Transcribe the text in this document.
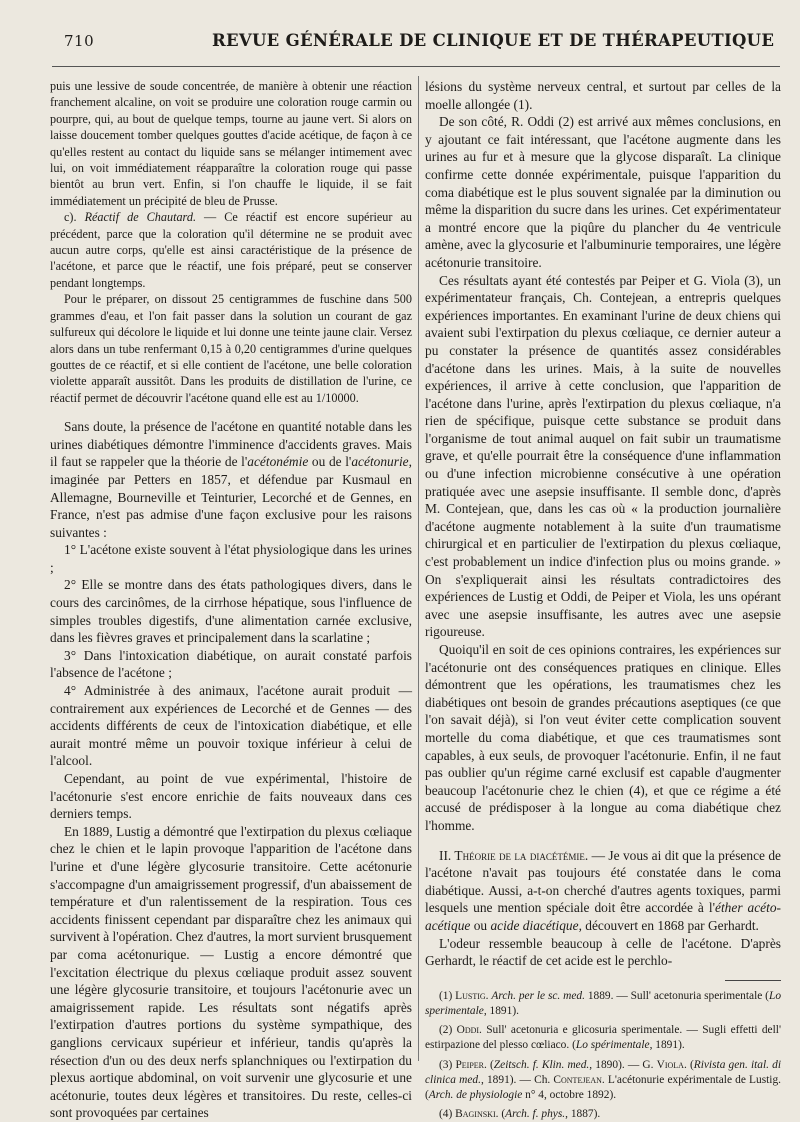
710	REVUE GÉNÉRALE DE CLINIQUE ET DE THÉRAPEUTIQUE

puis une lessive de soude concentrée, de manière à obtenir une réaction franchement alcaline, on voit se produire une coloration rouge carmin ou pourpre, qui, au bout de quelque temps, tourne au jaune vert. Si alors on laisse doucement tomber quelques gouttes d'acide acétique, de façon à ce qu'elles restent au contact du liquide sans se mélanger intimement avec lui, on voit immédiatement réapparaître la coloration rouge qui passe bientôt au brun vert. Enfin, si l'on chauffe le liquide, il se fait immédiatement un précipité de bleu de Prusse.

c). Réactif de Chautard. — Ce réactif est encore supérieur au précédent, parce que la coloration qu'il détermine ne se produit avec aucun autre corps, qu'elle est ainsi caractéristique de la présence de l'acétone, et parce que le réactif, une fois préparé, peut se conserver pendant longtemps.

Pour le préparer, on dissout 25 centigrammes de fuschine dans 500 grammes d'eau, et l'on fait passer dans la solution un courant de gaz sulfureux qui décolore le liquide et lui donne une teinte jaune clair. Versez alors dans un tube renfermant 0,15 à 0,20 centigrammes d'urine quelques gouttes de ce réactif, et si elle contient de l'acétone, une belle coloration violette apparaît aussitôt. Dans les produits de distillation de l'urine, ce réactif permet de découvrir l'acétone quand elle est au 1/10000.

Sans doute, la présence de l'acétone en quantité notable dans les urines diabétiques démontre l'imminence d'accidents graves. Mais il faut se rappeler que la théorie de l'acétonémie ou de l'acétonurie, imaginée par Petters en 1857, et défendue par Kusmaul en Allemagne, Bourneville et Teinturier, Lecorché et de Gennes, en France, n'est pas admise d'une façon exclusive pour les raisons suivantes :

1° L'acétone existe souvent à l'état physiologique dans les urines ;

2° Elle se montre dans des états pathologiques divers, dans le cours des carcinômes, de la cirrhose hépatique, sous l'influence de simples troubles digestifs, d'une alimentation carnée exclusive, dans les fièvres graves et principalement dans la scarlatine ;

3° Dans l'intoxication diabétique, on aurait constaté parfois l'absence de l'acétone ;

4° Administrée à des animaux, l'acétone aurait produit — contrairement aux expériences de Lecorché et de Gennes — des accidents différents de ceux de l'intoxication diabétique, et elle aurait montré même un pouvoir toxique inférieur à celui de l'alcool.

Cependant, au point de vue expérimental, l'histoire de l'acétonurie s'est encore enrichie de faits nouveaux dans ces derniers temps.

En 1889, Lustig a démontré que l'extirpation du plexus cœliaque chez le chien et le lapin provoque l'apparition de l'acétone dans l'urine et d'une légère glycosurie transitoire. Cette acétonurie s'accompagne d'un amaigrissement progressif, d'un abaissement de température et d'un ralentissement de la respiration. Tous ces accidents finissent cependant par disparaître chez les animaux qui survivent à l'opération. Chez d'autres, la mort survient brusquement par coma acétonurique. — Lustig a encore démontré que l'excitation électrique du plexus cœliaque produit assez souvent une légère glycosurie transitoire, et toujours l'acétonurie avec un amaigrissement rapide. Les résultats sont négatifs après l'extirpation d'autres portions du système sympathique, des ganglions cervicaux supérieur et inférieur, tandis qu'après la résection d'un ou des deux nerfs splanchniques ou l'extirpation du plexus aortique abdominal, on voit survenir une glycosurie et une acétonurie, toutes deux légères et transitoires. Du reste, celles-ci sont provoquées par certaines

lésions du système nerveux central, et surtout par celles de la moelle allongée (1).

De son côté, R. Oddi (2) est arrivé aux mêmes conclusions, en y ajoutant ce fait intéressant, que l'acétone augmente dans les urines au fur et à mesure que la glycose disparaît. La clinique confirme cette donnée expérimentale, puisque l'apparition du coma diabétique est le plus souvent signalée par la diminution ou même la disparition du sucre dans les urines. Cet expérimentateur a montré encore que la piqûre du plancher du 4e ventricule amène, avec la glycosurie et l'albuminurie temporaires, une légère acétonurie transitoire.

Ces résultats ayant été contestés par Peiper et G. Viola (3), un expérimentateur français, Ch. Contejean, a entrepris quelques expériences importantes. En examinant l'urine de deux chiens qui avaient subi l'extirpation du plexus cœliaque, ce dernier auteur a pu constater la présence de quantités assez considérables d'acétone dans les urines. Mais, à la suite de nouvelles expériences, il arrive à cette conclusion, que l'apparition de l'acétone dans l'urine, après l'extirpation du plexus cœliaque, n'a rien de spécifique, puisque cette substance se produit dans l'organisme de tout animal auquel on fait subir un traumatisme grave, et qu'elle pourrait être la conséquence d'une inflammation ou d'une infection microbienne consécutive à une opération pratiquée avec une asepsie insuffisante. Il semble donc, d'après M. Contejean, que, dans les cas où « la production journalière d'acétone augmente notablement à la suite d'un traumatisme chirurgical et en particulier de l'extirpation du plexus cœliaque, c'est probablement un indice d'infection plus ou moins grande. » On s'expliquerait ainsi les résultats contradictoires des expériences de Lustig et Oddi, de Peiper et Viola, les uns opérant avec une asepsie insuffisante, les autres avec une asepsie rigoureuse.

Quoiqu'il en soit de ces opinions contraires, les expériences sur l'acétonurie ont des conséquences pratiques en clinique. Elles démontrent que les opérations, les traumatismes chez les diabétiques ont besoin de grandes précautions aseptiques (ce que l'on savait déjà), si l'on veut éviter cette complication souvent mortelle du coma diabétique, et que ces traumatismes sont capables, à eux seuls, de provoquer l'acétonurie. Enfin, il ne faut pas oublier qu'un régime carné exclusif est capable d'augmenter beaucoup l'acétonurie chez le chien (4), et que ce régime a été accusé de prédisposer à la longue au coma diabétique chez l'homme.

II. Théorie de la diacétémie. — Je vous ai dit que la présence de l'acétone n'avait pas toujours été constatée dans le coma diabétique. Aussi, a-t-on cherché d'autres agents toxiques, parmi lesquels une mention spéciale doit être accordée à l'éther acéto-acétique ou acide diacétique, découvert en 1868 par Gerhardt.

L'odeur ressemble beaucoup à celle de l'acétone. D'après Gerhardt, le réactif de cet acide est le perchlo-

(1) Lustig. Arch. per le sc. med. 1889. — Sull' acetonuria sperimentale (Lo sperimentale, 1891).

(2) Oddi. Sull' acetonuria e glicosuria sperimentale. — Sugli effetti dell' estirpazione del plesso cœliaco. (Lo spérimentale, 1891).

(3) Peiper. (Zeitsch. f. Klin. med., 1890). — G. Viola. (Rivista gen. ital. di clinica med., 1891). — Ch. Contejean. L'acétonurie expérimentale de Lustig. (Arch. de physiologie n° 4, octobre 1892).

(4) Baginski. (Arch. f. phys., 1887).
